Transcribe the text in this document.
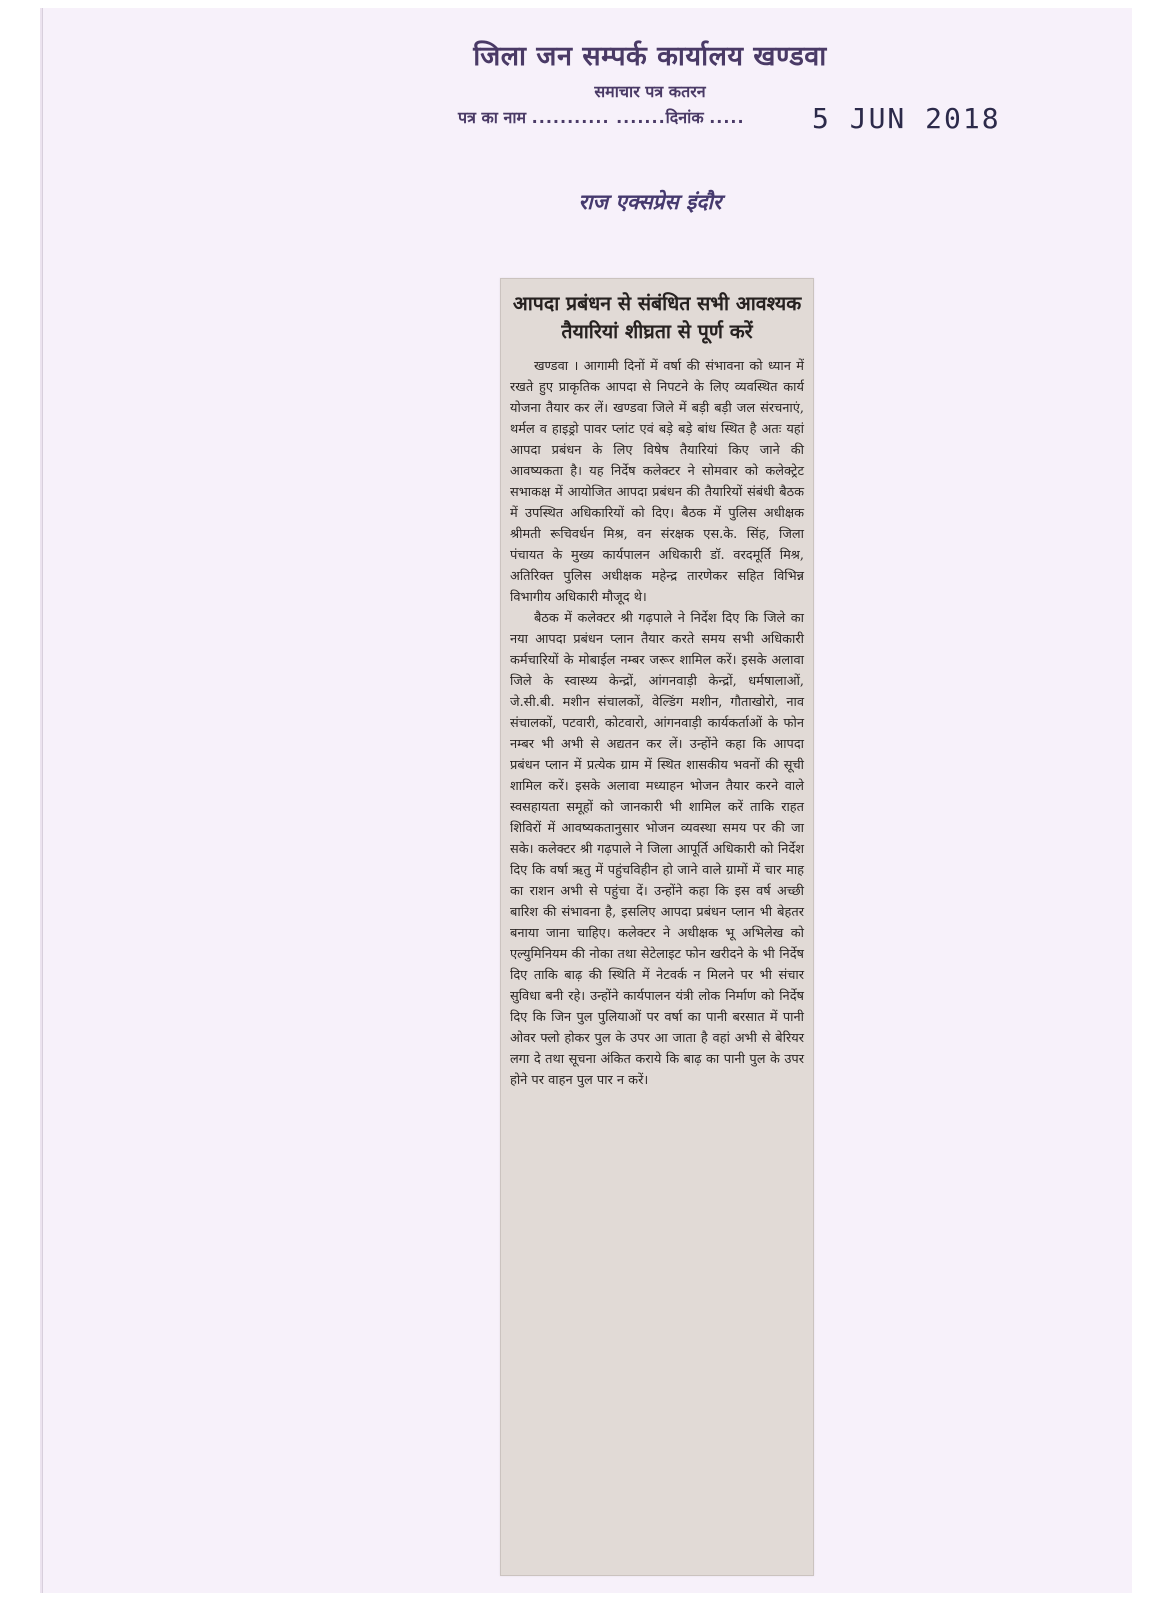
जिला जन सम्पर्क कार्यालय खण्डवा
समाचार पत्र कतरन
पत्र का नाम ........... .......दिनांक ..... 5 JUN 2018
राज एक्सप्रेस इंदौर
आपदा प्रबंधन से संबंधित सभी आवश्यक तैयारियां शीघ्रता से पूर्ण करें

खण्डवा । आगामी दिनों में वर्षा की संभावना को ध्यान में रखते हुए प्राकृतिक आपदा से निपटने के लिए व्यवस्थित कार्य योजना तैयार कर लें। खण्डवा जिले में बड़ी बड़ी जल संरचनाएं, थर्मल व हाइड्रो पावर प्लांट एवं बड़े बड़े बांध स्थित है अतः यहां आपदा प्रबंधन के लिए विषेष तैयारियां किए जाने की आवष्यकता है। यह निर्देष कलेक्टर ने सोमवार को कलेक्ट्रेट सभाकक्ष में आयोजित आपदा प्रबंधन की तैयारियों संबंधी बैठक में उपस्थित अधिकारियों को दिए। बैठक में पुलिस अधीक्षक श्रीमती रूचिवर्धन मिश्र, वन संरक्षक एस.के. सिंह, जिला पंचायत के मुख्य कार्यपालन अधिकारी डॉ. वरदमूर्ति मिश्र, अतिरिक्त पुलिस अधीक्षक महेन्द्र तारणेकर सहित विभिन्न विभागीय अधिकारी मौजूद थे।

बैठक में कलेक्टर श्री गढ़पाले ने निर्देश दिए कि जिले का नया आपदा प्रबंधन प्लान तैयार करते समय सभी अधिकारी कर्मचारियों के मोबाईल नम्बर जरूर शामिल करें। इसके अलावा जिले के स्वास्थ्य केन्द्रों, आंगनवाड़ी केन्द्रों, धर्मषालाओं, जे.सी.बी. मशीन संचालकों, वेल्डिंग मशीन, गौताखोरो, नाव संचालकों, पटवारी, कोटवारो, आंगनवाड़ी कार्यकर्ताओं के फोन नम्बर भी अभी से अद्यतन कर लें। उन्होंने कहा कि आपदा प्रबंधन प्लान में प्रत्येक ग्राम में स्थित शासकीय भवनों की सूची शामिल करें। इसके अलावा मध्याहन भोजन तैयार करने वाले स्वसहायता समूहों को जानकारी भी शामिल करें ताकि राहत शिविरों में आवष्यकतानुसार भोजन व्यवस्था समय पर की जा सके। कलेक्टर श्री गढ़पाले ने जिला आपूर्ति अधिकारी को निर्देश दिए कि वर्षा ऋतु में पहुंचविहीन हो जाने वाले ग्रामों में चार माह का राशन अभी से पहुंचा दें। उन्होंने कहा कि इस वर्ष अच्छी बारिश की संभावना है, इसलिए आपदा प्रबंधन प्लान भी बेहतर बनाया जाना चाहिए। कलेक्टर ने अधीक्षक भू अभिलेख को एल्युमिनियम की नोका तथा सेटेलाइट फोन खरीदने के भी निर्देष दिए ताकि बाढ़ की स्थिति में नेटवर्क न मिलने पर भी संचार सुविधा बनी रहे। उन्होंने कार्यपालन यंत्री लोक निर्माण को निर्देष दिए कि जिन पुल पुलियाओं पर वर्षा का पानी बरसात में पानी ओवर फ्लो होकर पुल के उपर आ जाता है वहां अभी से बेरियर लगा दे तथा सूचना अंकित कराये कि बाढ़ का पानी पुल के उपर होने पर वाहन पुल पार न करें।
